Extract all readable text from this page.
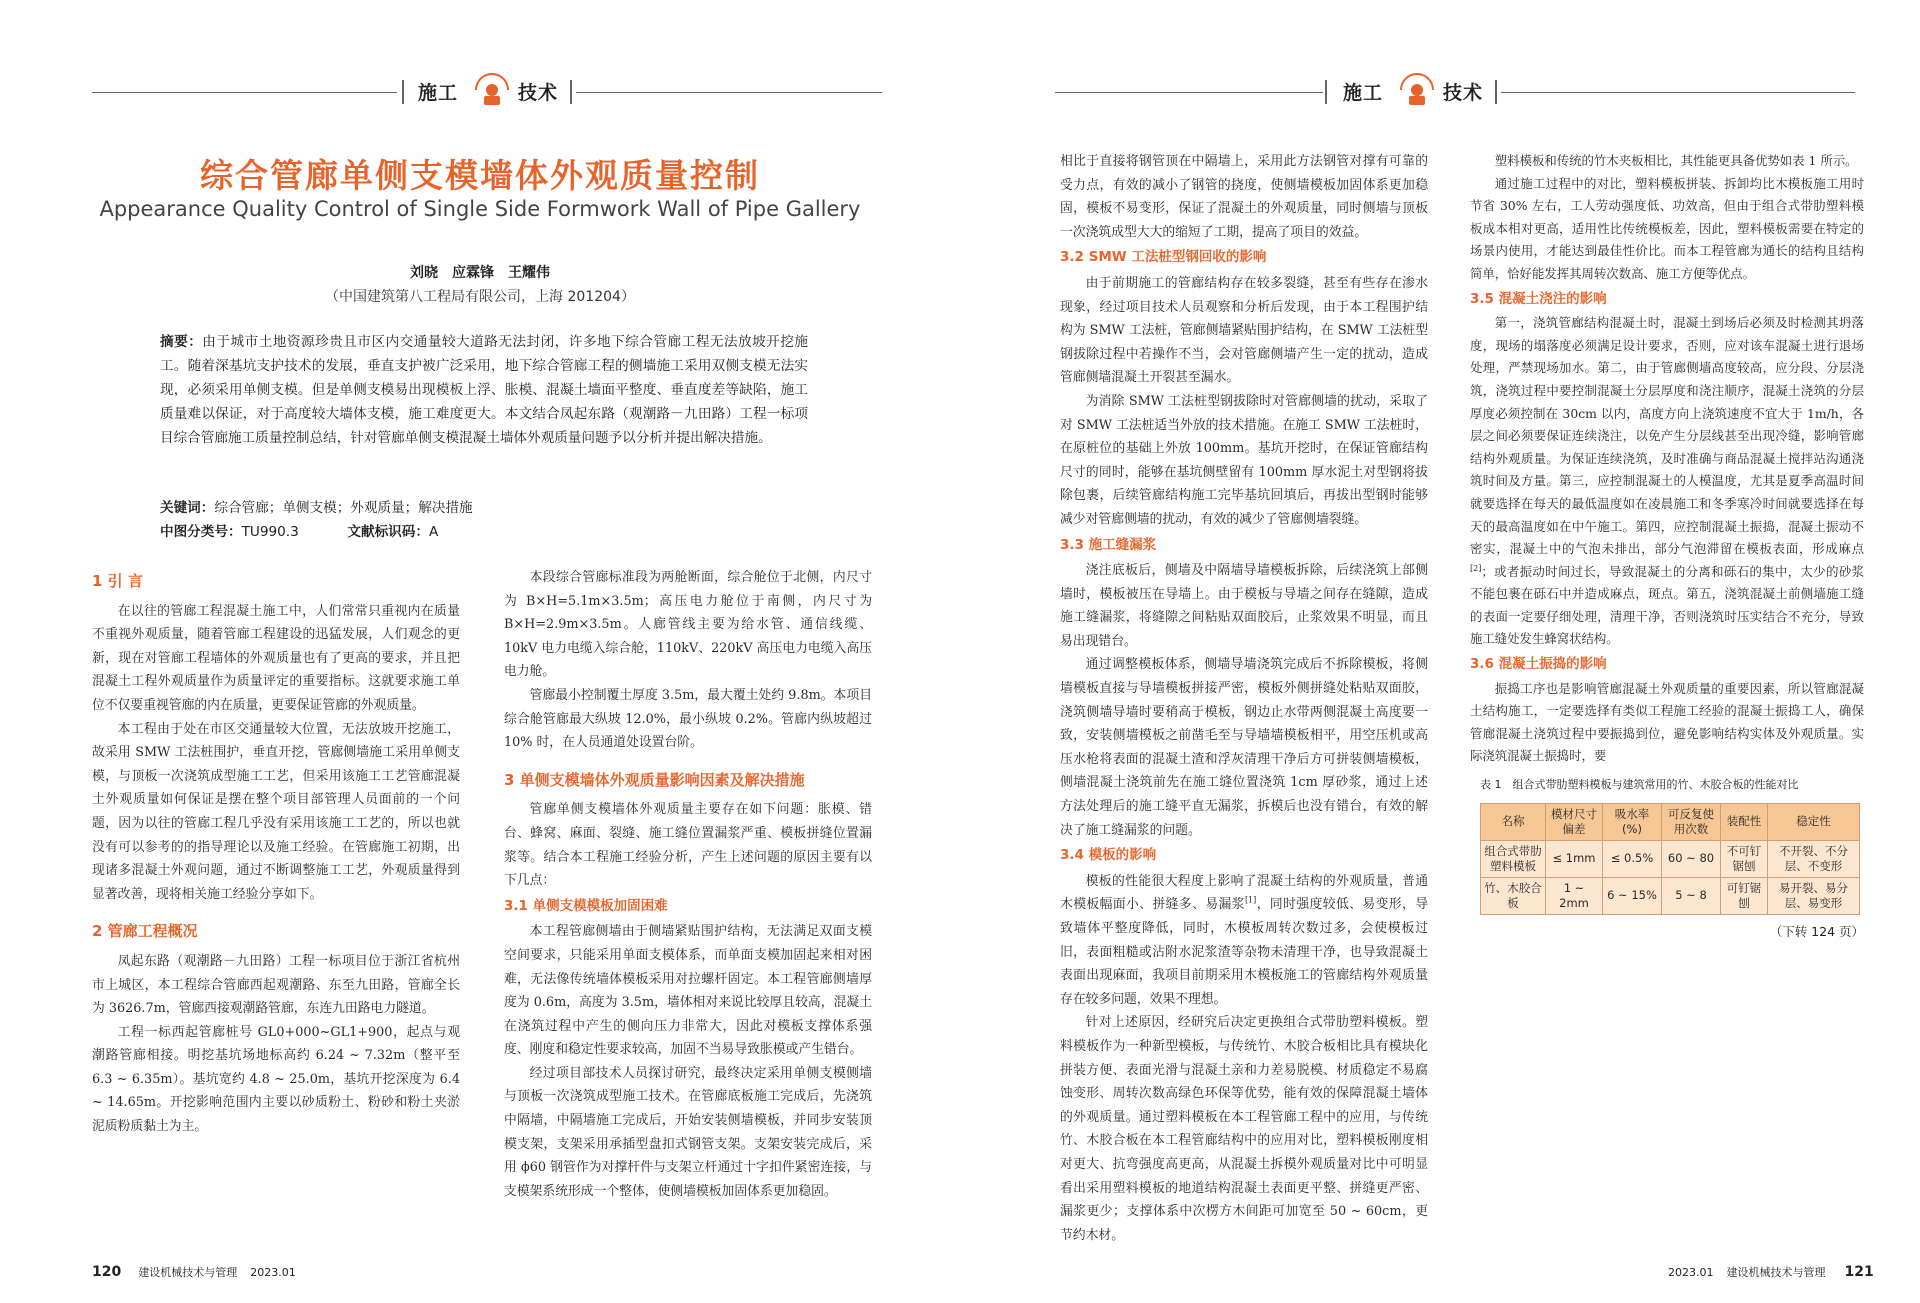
施工	技术
综合管廊单侧支模墙体外观质量控制
Appearance Quality Control of Single Side Formwork Wall of Pipe Gallery
刘晓　应霖锋　王耀伟
（中国建筑第八工程局有限公司，上海 201204）
摘要：由于城市土地资源珍贵且市区内交通量较大道路无法封闭，许多地下综合管廊工程无法放坡开挖施工。随着深基坑支护技术的发展，垂直支护被广泛采用，地下综合管廊工程的侧墙施工采用双侧支模无法实现，必须采用单侧支模。但是单侧支模易出现模板上浮、胀模、混凝土墙面平整度、垂直度差等缺陷，施工质量难以保证，对于高度较大墙体支模，施工难度更大。本文结合凤起东路（观潮路－九田路）工程一标项目综合管廊施工质量控制总结，针对管廊单侧支模混凝土墙体外观质量问题予以分析并提出解决措施。
关键词：综合管廊；单侧支模；外观质量；解决措施
中图分类号：TU990.3	文献标识码：A
1 引 言

在以往的管廊工程混凝土施工中，人们常常只重视内在质量不重视外观质量，随着管廊工程建设的迅猛发展，人们观念的更新，现在对管廊工程墙体的外观质量也有了更高的要求，并且把混凝土工程外观质量作为质量评定的重要指标。这就要求施工单位不仅要重视管廊的内在质量，更要保证管廊的外观质量。

本工程由于处在市区交通量较大位置，无法放坡开挖施工，故采用 SMW 工法桩围护，垂直开挖，管廊侧墙施工采用单侧支模，与顶板一次浇筑成型施工工艺，但采用该施工工艺管廊混凝土外观质量如何保证是摆在整个项目部管理人员面前的一个问题，因为以往的管廊工程几乎没有采用该施工工艺的，所以也就没有可以参考的的指导理论以及施工经验。在管廊施工初期，出现诸多混凝土外观问题，通过不断调整施工工艺，外观质量得到显著改善，现将相关施工经验分享如下。

2 管廊工程概况

凤起东路（观潮路－九田路）工程一标项目位于浙江省杭州市上城区，本工程综合管廊西起观潮路、东至九田路，管廊全长为 3626.7m，管廊西接观潮路管廊，东连九田路电力隧道。

工程一标西起管廊桩号 GL0+000~GL1+900，起点与观潮路管廊相接。明挖基坑场地标高约 6.24 ~ 7.32m（整平至 6.3 ~ 6.35m）。基坑宽约 4.8 ~ 25.0m，基坑开挖深度为 6.4 ~ 14.65m。开挖影响范围内主要以砂质粉土、粉砂和粉土夹淤泥质粉质黏土为主。

本段综合管廊标准段为两舱断面，综合舱位于北侧，内尺寸为 B×H=5.1m×3.5m；高压电力舱位于南侧，内尺寸为 B×H=2.9m×3.5m。人廊管线主要为给水管、通信线缆、10kV 电力电缆入综合舱，110kV、220kV 高压电力电缆入高压电力舱。

管廊最小控制覆土厚度 3.5m，最大覆土处约 9.8m。本项目综合舱管廊最大纵坡 12.0%，最小纵坡 0.2%。管廊内纵坡超过 10% 时，在人员通道处设置台阶。

3 单侧支模墙体外观质量影响因素及解决措施

管廊单侧支模墙体外观质量主要存在如下问题：胀模、错台、蜂窝、麻面、裂缝、施工缝位置漏浆严重、模板拼缝位置漏浆等。结合本工程施工经验分析，产生上述问题的原因主要有以下几点：

3.1 单侧支模模板加固困难

本工程管廊侧墙由于侧墙紧贴围护结构，无法满足双面支模空间要求，只能采用单面支模体系，而单面支模加固起来相对困难，无法像传统墙体模板采用对拉螺杆固定。本工程管廊侧墙厚度为 0.6m，高度为 3.5m，墙体相对来说比较厚且较高，混凝土在浇筑过程中产生的侧向压力非常大，因此对模板支撑体系强度、刚度和稳定性要求较高，加固不当易导致胀模或产生错台。

经过项目部技术人员探讨研究，最终决定采用单侧支模侧墙与顶板一次浇筑成型施工技术。在管廊底板施工完成后，先浇筑中隔墙，中隔墙施工完成后，开始安装侧墙模板，并同步安装顶模支架，支架采用承插型盘扣式钢管支架。支架安装完成后，采用 ϕ60 钢管作为对撑杆件与支架立杆通过十字扣件紧密连接，与支模架系统形成一个整体，使侧墙模板加固体系更加稳固。

120 建设机械技术与管理 2023.01
施工	技术

相比于直接将钢管顶在中隔墙上，采用此方法钢管对撑有可靠的受力点，有效的减小了钢管的挠度，使侧墙模板加固体系更加稳固，模板不易变形，保证了混凝土的外观质量，同时侧墙与顶板一次浇筑成型大大的缩短了工期，提高了项目的效益。

3.2 SMW 工法桩型钢回收的影响

由于前期施工的管廊结构存在较多裂缝，甚至有些存在渗水现象，经过项目技术人员观察和分析后发现，由于本工程围护结构为 SMW 工法桩，管廊侧墙紧贴围护结构，在 SMW 工法桩型钢拔除过程中若操作不当，会对管廊侧墙产生一定的扰动，造成管廊侧墙混凝土开裂甚至漏水。

为消除 SMW 工法桩型钢拔除时对管廊侧墙的扰动，采取了对 SMW 工法桩适当外放的技术措施。在施工 SMW 工法桩时，在原桩位的基础上外放 100mm。基坑开挖时，在保证管廊结构尺寸的同时，能够在基坑侧壁留有 100mm 厚水泥土对型钢将拔除包裹，后续管廊结构施工完毕基坑回填后，再拔出型钢时能够减少对管廊侧墙的扰动，有效的减少了管廊侧墙裂缝。

3.3 施工缝漏浆

浇注底板后，侧墙及中隔墙导墙模板拆除，后续浇筑上部侧墙时，模板被压在导墙上。由于模板与导墙之间存在缝隙，造成施工缝漏浆，将缝隙之间粘贴双面胶后，止浆效果不明显，而且易出现错台。

通过调整模板体系，侧墙导墙浇筑完成后不拆除模板，将侧墙模板直接与导墙模板拼接严密，模板外侧拼缝处粘贴双面胶，浇筑侧墙导墙时要稍高于模板，钢边止水带两侧混凝土高度要一致，安装侧墙模板之前凿毛至与导墙墙模板相平，用空压机或高压水枪将表面的混凝土渣和浮灰清理干净后方可拼装侧墙模板，侧墙混凝土浇筑前先在施工缝位置浇筑 1cm 厚砂浆，通过上述方法处理后的施工缝平直无漏浆，拆模后也没有错台，有效的解决了施工缝漏浆的问题。

3.4 模板的影响

模板的性能很大程度上影响了混凝土结构的外观质量，普通木模板幅面小、拼缝多、易漏浆[1]，同时强度较低、易变形，导致墙体平整度降低，同时，木模板周转次数过多，会使模板过旧，表面粗糙或沾附水泥浆渣等杂物未清理干净，也导致混凝土表面出现麻面，我项目前期采用木模板施工的管廊结构外观质量存在较多问题，效果不理想。

针对上述原因，经研究后决定更换组合式带肋塑料模板。塑料模板作为一种新型模板，与传统竹、木胶合板相比具有模块化拼装方便、表面光滑与混凝土亲和力差易脱模、材质稳定不易腐蚀变形、周转次数高绿色环保等优势，能有效的保障混凝土墙体的外观质量。通过塑料模板在本工程管廊工程中的应用，与传统竹、木胶合板在本工程管廊结构中的应用对比，塑料模板刚度相对更大、抗弯强度高更高，从混凝土拆模外观质量对比中可明显看出采用塑料模板的地道结构混凝土表面更平整、拼缝更严密、漏浆更少；支撑体系中次楞方木间距可加宽至 50 ~ 60cm，更节约木材。

塑料模板和传统的竹木夹板相比，其性能更具备优势如表 1 所示。

通过施工过程中的对比，塑料模板拼装、拆卸均比木模板施工用时节省 30% 左右，工人劳动强度低、功效高，但由于组合式带肋塑料模板成本相对更高，适用性比传统模板差，因此，塑料模板需要在特定的场景内使用，才能达到最佳性价比。而本工程管廊为通长的结构且结构简单，恰好能发挥其周转次数高、施工方便等优点。

3.5 混凝土浇注的影响

第一，浇筑管廊结构混凝土时，混凝土到场后必须及时检测其坍落度，现场的塌落度必须满足设计要求，否则，应对该车混凝土进行退场处理，严禁现场加水。第二，由于管廊侧墙高度较高，应分段、分层浇筑，浇筑过程中要控制混凝土分层厚度和浇注顺序，混凝土浇筑的分层厚度必须控制在 30cm 以内，高度方向上浇筑速度不宜大于 1m/h，各层之间必须要保证连续浇注，以免产生分层线甚至出现冷缝，影响管廊结构外观质量。为保证连续浇筑，及时准确与商品混凝土搅拌站沟通浇筑时间及方量。第三，应控制混凝土的人模温度，尤其是夏季高温时间就要选择在每天的最低温度如在凌晨施工和冬季寒冷时间就要选择在每天的最高温度如在中午施工。第四，应控制混凝土振捣，混凝土振动不密实，混凝土中的气泡未排出，部分气泡滞留在模板表面，形成麻点[2]；或者振动时间过长，导致混凝土的分离和砾石的集中，太少的砂浆不能包裹在砾石中并造成麻点，斑点。第五，浇筑混凝土前侧墙施工缝的表面一定要仔细处理，清理干净，否则浇筑时压实结合不充分，导致施工缝处发生蜂窝状结构。

3.6 混凝土振捣的影响

振捣工序也是影响管廊混凝土外观质量的重要因素，所以管廊混凝土结构施工，一定要选择有类似工程施工经验的混凝土振捣工人，确保管廊混凝土浇筑过程中要振捣到位，避免影响结构实体及外观质量。实际浇筑混凝土振捣时，要

表 1　组合式带肋塑料模板与建筑常用的竹、木胶合板的性能对比
名称	模材尺寸偏差	吸水率(%)	可反复使用次数	装配性	稳定性
组合式带肋塑料模板	≤ 1mm	≤ 0.5%	60 ~ 80	不可钉锯刨	不开裂、不分层、不变形
竹、木胶合板	1 ~ 2mm	6 ~ 15%	5 ~ 8	可钉锯刨	易开裂、易分层、易变形
（下转 124 页）
2023.01 建设机械技术与管理 121
